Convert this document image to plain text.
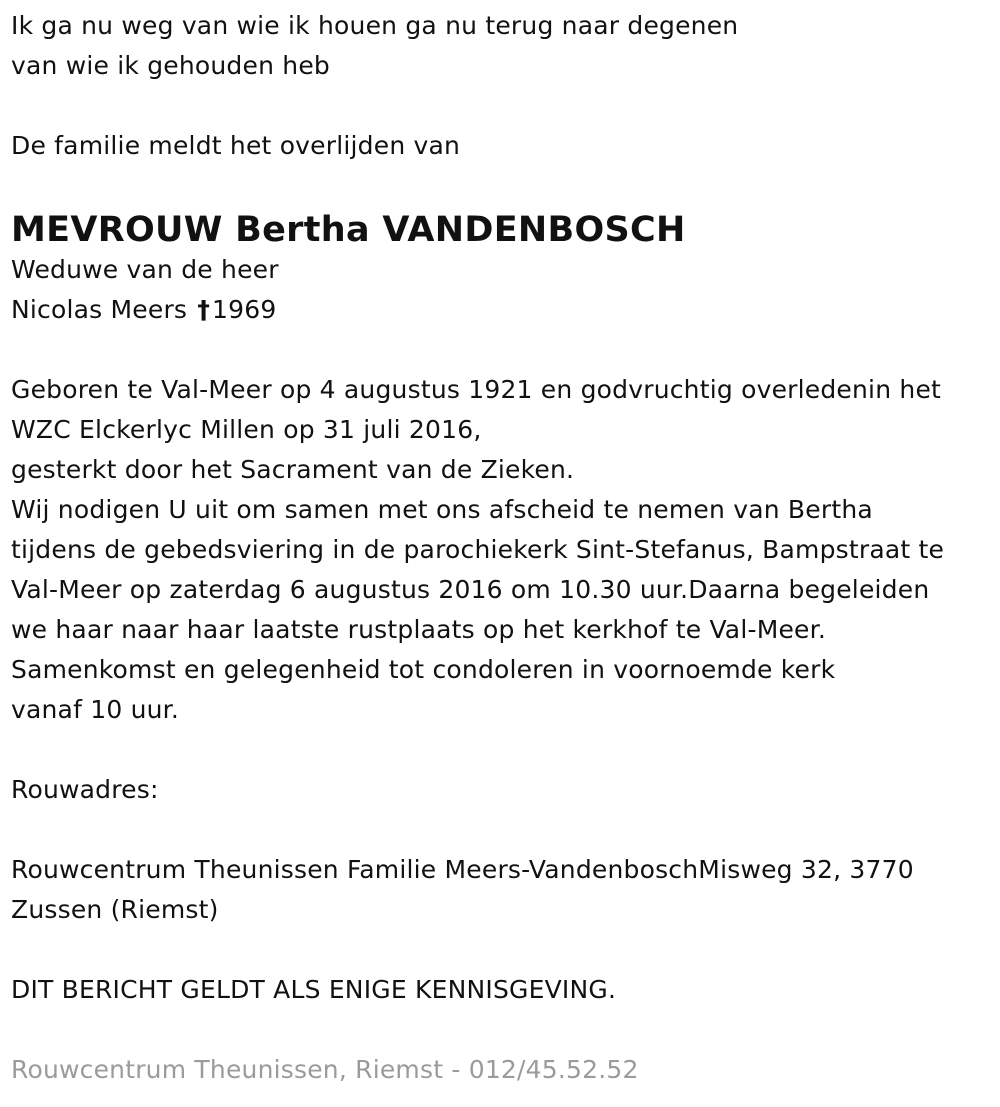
Ik ga nu weg van wie ik houen ga nu terug naar degenen
van wie ik gehouden heb
De familie meldt het overlijden van
MEVROUW Bertha VANDENBOSCH
Weduwe van de heer
Nicolas Meers †1969
Geboren te Val-Meer op 4 augustus 1921 en godvruchtig overledenin het
WZC Elckerlyc Millen op 31 juli 2016,
gesterkt door het Sacrament van de Zieken.
Wij nodigen U uit om samen met ons afscheid te nemen van Bertha
tijdens de gebedsviering in de parochiekerk Sint-Stefanus, Bampstraat te
Val-Meer op zaterdag 6 augustus 2016 om 10.30 uur.Daarna begeleiden
we haar naar haar laatste rustplaats op het kerkhof te Val-Meer.
Samenkomst en gelegenheid tot condoleren in voornoemde kerk
vanaf 10 uur.
Rouwadres:
Rouwcentrum Theunissen Familie Meers-VandenboschMisweg 32, 3770
Zussen (Riemst)
DIT BERICHT GELDT ALS ENIGE KENNISGEVING.
Rouwcentrum Theunissen, Riemst - 012/45.52.52
